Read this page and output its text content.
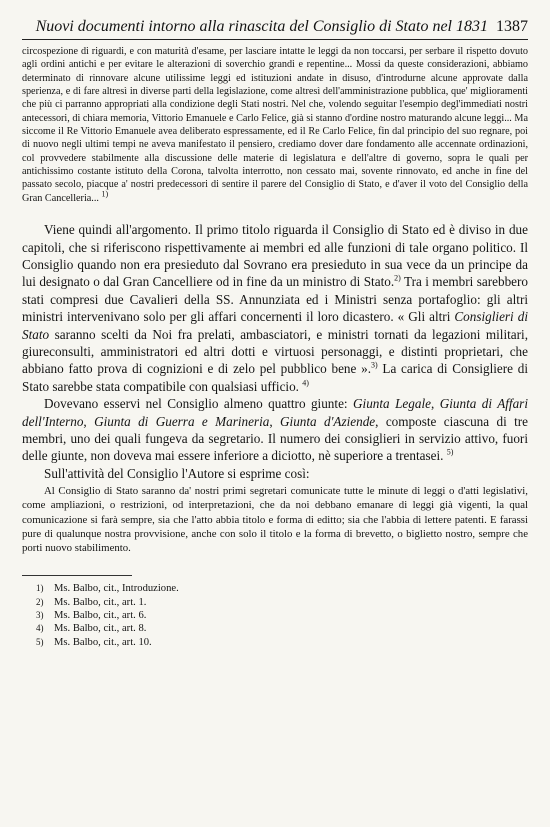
Nuovi documenti intorno alla rinascita del Consiglio di Stato nel 1831 1387

circospezione di riguardi, e con maturità d'esame, per lasciare intatte le leggi da non toccarsi, per serbare il rispetto dovuto agli ordini antichi e per evitare le alterazioni di soverchio grandi e repentine... Mossi da queste considerazioni, abbiamo determinato di rinnovare alcune utilissime leggi ed istituzioni andate in disuso, d'introdurne alcune approvate dalla sperienza, e di fare altresì in diverse parti della legislazione, come altresì dell'amministrazione pubblica, que' miglioramenti che più ci parranno appropriati alla condizione degli Stati nostri. Nel che, volendo seguitar l'esempio degl'immediati nostri antecessori, di chiara memoria, Vittorio Emanuele e Carlo Felice, già si stanno d'ordine nostro maturando alcune leggi... Ma siccome il Re Vittorio Emanuele avea deliberato espressamente, ed il Re Carlo Felice, fin dal principio del suo regnare, poi di nuovo negli ultimi tempi ne aveva manifestato il pensiero, crediamo dover dare fondamento alle accennate ordinazioni, col provvedere stabilmente alla discussione delle materie di legislatura e dell'altre di governo, sopra le quali per antichissimo costante istituto della Corona, talvolta interrotto, non cessato mai, sovente rinnovato, ed anche in fine del passato secolo, piacque a' nostri predecessori di sentire il parere del Consiglio di Stato, e d'aver il voto del Consiglio della Gran Cancelleria... $^{1)}$

Viene quindi all'argomento. Il primo titolo riguarda il Consiglio di Stato ed è diviso in due capitoli, che si riferiscono rispettivamente ai membri ed alle funzioni di tale organo politico. Il Consiglio quando non era presieduto dal Sovrano era presieduto in sua vece da un principe da lui designato o dal Gran Cancelliere od in fine da un ministro di Stato.$^{2)}$ Tra i membri sarebbero stati compresi due Cavalieri della SS. Annunziata ed i Ministri senza portafoglio: gli altri ministri intervenivano solo per gli affari concernenti il loro dicastero. « Gli altri Consiglieri di Stato saranno scelti da Noi fra prelati, ambasciatori, e ministri tornati da legazioni militari, giureconsulti, amministratori ed altri dotti e virtuosi personaggi, e distinti proprietari, che abbiano fatto prova di cognizioni e di zelo pel pubblico bene ».$^{3)}$ La carica di Consigliere di Stato sarebbe stata compatibile con qualsiasi ufficio. $^{4)}$

Dovevano esservi nel Consiglio almeno quattro giunte: Giunta Legale, Giunta di Affari dell'Interno, Giunta di Guerra e Marineria, Giunta d'Aziende, composte ciascuna di tre membri, uno dei quali fungeva da segretario. Il numero dei consiglieri in servizio attivo, fuori delle giunte, non doveva mai essere inferiore a diciotto, nè superiore a trentasei. $^{5)}$

Sull'attività del Consiglio l'Autore si esprime così:

Al Consiglio di Stato saranno da' nostri primi segretari comunicate tutte le minute di leggi o d'atti legislativi, come ampliazioni, o restrizioni, od interpretazioni, che da noi debbano emanare di leggi già vigenti, la qual comunicazione si farà sempre, sia che l'atto abbia titolo e forma di editto; sia che l'abbia di lettere patenti. E farassi pure di qualunque nostra provvisione, anche con solo il titolo e la forma di brevetto, o biglietto nostro, sempre che porti nuovo stabilimento.

1) Ms. Balbo, cit., Introduzione.
2) Ms. Balbo, cit., art. 1.
3) Ms. Balbo, cit., art. 6.
4) Ms. Balbo, cit., art. 8.
5) Ms. Balbo, cit., art. 10.
